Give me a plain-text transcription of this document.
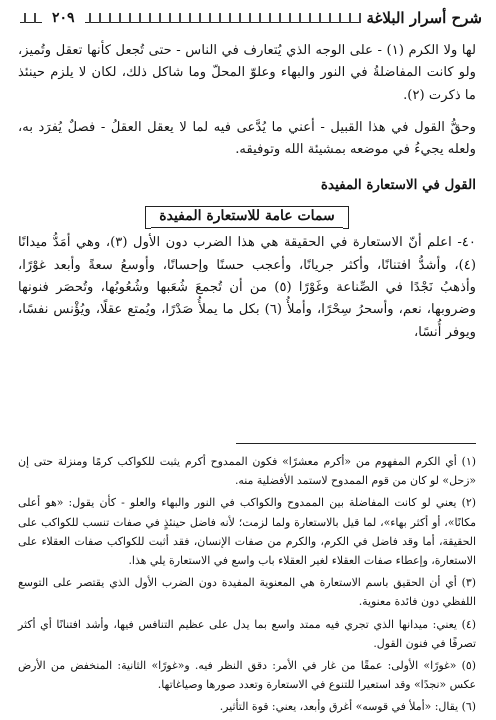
شرح أسرار البلاغة
٢٠٩

لها ولا الكرم (١) - على الوجه الذي يُتعارف في الناس - حتى تُجعل كأنها تعقل وتُميز، ولو كانت المفاضلةُ في النور والبهاء وعلوّ المحلّ وما شاكل ذلك، لكان لا يلزم حينئذ ما ذكرت (٢).

وحقُّ القول في هذا القبيل - أعني ما يُدَّعى فيه لما لا يعقل العقلُ - فصلٌ يُفرَد به، ولعله يجيءُ في موضعه بمشيئة الله وتوفيقه.

القول في الاستعارة المفيدة

سمات عامة للاستعارة المفيدة

٤٠- اعلم أنّ الاستعارة في الحقيقة هي هذا الضرب دون الأول (٣)، وهي أمَدُّ ميدانًا (٤)، وأشدُّ افتنانًا، وأكثر جريانًا، وأعجب حسنًا وإحسانًا، وأوسعُ سعةً وأبعد غوْرًا، وأذهبُ نَجْدًا في الصِّناعة وغَوْرًا (٥) من أن تُجمعَ شُعَبها وشُعُوبُها، وتُحصَر فنونها وضروبها، نعم، وأسحرُ سِحْرًا، وأملأُ (٦) بكل ما يملأُ صَدْرًا، ويُمتع عقلًا، ويُؤْنس نفسًا، ويوفر أُنسًا،

(١) أي الكرم المفهوم من «أكرم معشرًا» فكون الممدوح أكرم يثبت للكواكب كرمًا ومنزلة حتى إن «زحل» لو كان من قوم الممدوح لاستمد الأفضلية منه.

(٢) يعني لو كانت المفاضلة بين الممدوح والكواكب في النور والبهاء والعلو - كأن يقول: «هو أعلى مكانًا»، أو أكثر بهاء»، لما قيل بالاستعارة ولما لزمت؛ لأنه فاضل حينئذٍ في صفات تنسب للكواكب على الحقيقة، أما وقد فاضل في الكرم، والكرم من صفات الإنسان، فقد أثبت للكواكب صفات العقلاء على الاستعارة، وإعطاء صفات العقلاء لغير العقلاء باب واسع في الاستعارة يلي هذا.

(٣) أي أن الحقيق باسم الاستعارة هي المعنوية المفيدة دون الضرب الأول الذي يقتصر على التوسع اللفظي دون فائدة معنوية.

(٤) يعني: ميدانها الذي تجري فيه ممتد واسع بما يدل على عظيم التنافس فيها، وأشد افتنانًا أي أكثر تصرفًا في فنون القول.

(٥) «غورًا» الأولى: عمقًا من غار في الأمر: دقق النظر فيه. و«غورًا» الثانية: المنخفض من الأرض عكس «نجدًا» وقد استعيرا للتنوع في الاستعارة وتعدد صورها وصياغاتها.

(٦) يقال: «أملأ في قوسه» أغرق وأبعد، يعني: قوة التأثير.
